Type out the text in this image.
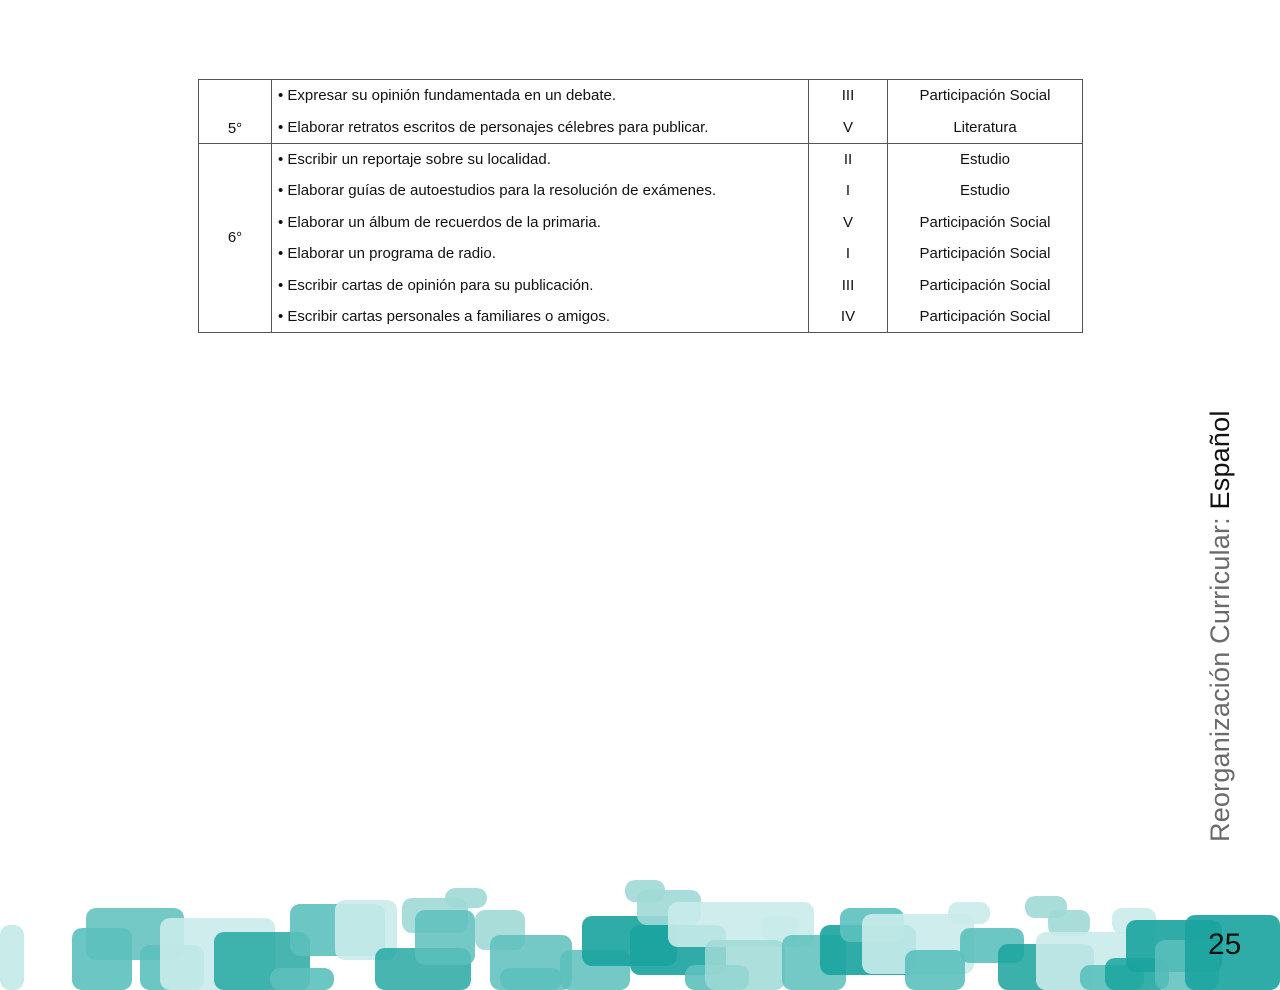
5°	• Expresar su opinión fundamentada en un debate.	III	Participación Social
	• Elaborar retratos escritos de personajes célebres para publicar.	V	Literatura
6°	• Escribir un reportaje sobre su localidad.	II	Estudio
	• Elaborar guías de autoestudios para la resolución de exámenes.	I	Estudio
	• Elaborar un álbum de recuerdos de la primaria.	V	Participación Social
	• Elaborar un programa de radio.	I	Participación Social
	• Escribir cartas de opinión para su publicación.	III	Participación Social
	• Escribir cartas personales a familiares o amigos.	IV	Participación Social
Reorganización Curricular: Español
25
